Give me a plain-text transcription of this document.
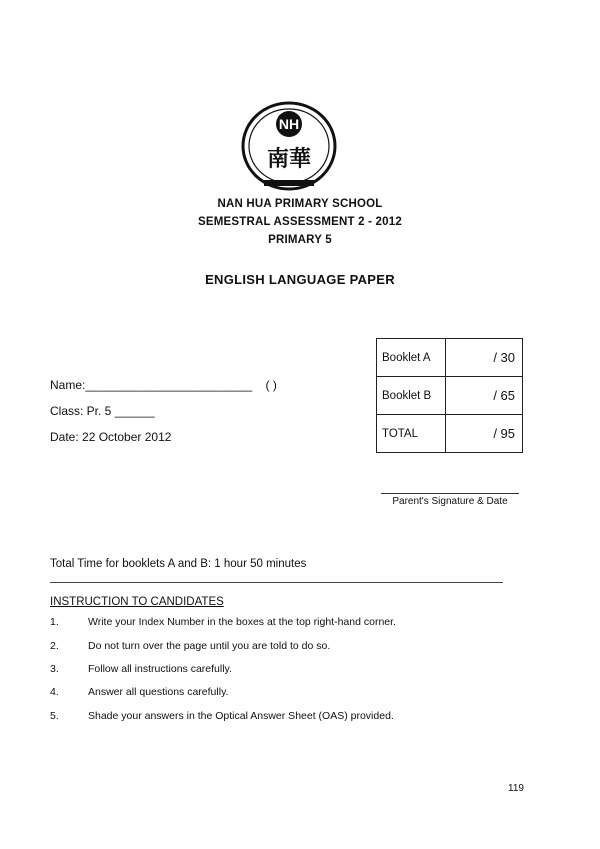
NH
南華
NAN HUA PRIMARY SCHOOL
SEMESTRAL ASSESSMENT 2 - 2012
PRIMARY 5
ENGLISH LANGUAGE PAPER
Name:_________________________ ( )
Class: Pr. 5 ______
Date: 22 October 2012
Booklet A	/ 30
Booklet B	/ 65
TOTAL	/ 95
Parent's Signature & Date
Total Time for booklets A and B: 1 hour 50 minutes
INSTRUCTION TO CANDIDATES
1.	Write your Index Number in the boxes at the top right-hand corner.
2.	Do not turn over the page until you are told to do so.
3.	Follow all instructions carefully.
4.	Answer all questions carefully.
5.	Shade your answers in the Optical Answer Sheet (OAS) provided.
119
